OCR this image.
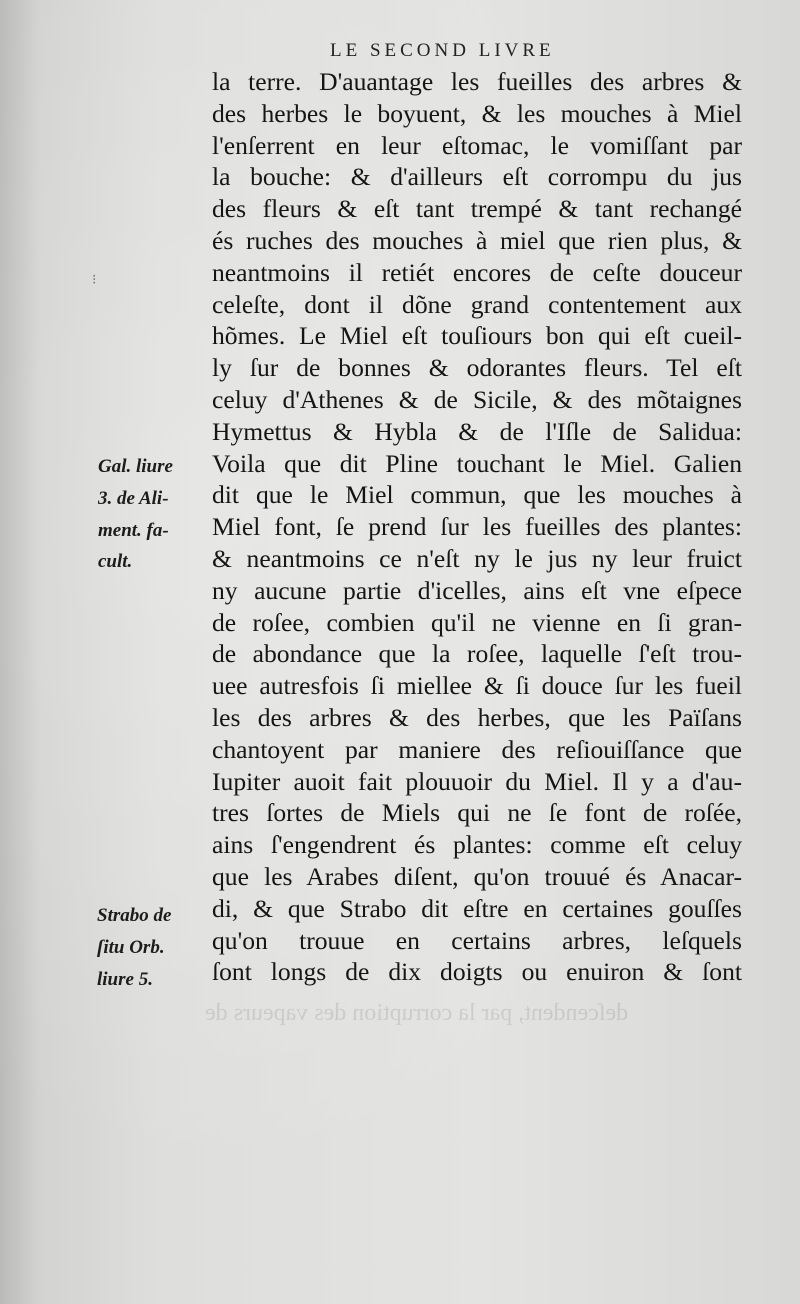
LE SECOND LIVRE
⁝
Gal. liure
3. de Ali-
ment. fa-
cult.
Strabo de
ſitu Orb.
liure 5.
la terre. D'auantage les fueilles des arbres &
des herbes le boyuent, & les mouches à Miel
l'enſerrent en leur eſtomac, le vomiſſant par
la bouche: & d'ailleurs eſt corrompu du jus
des fleurs & eſt tant trempé & tant rechangé
és ruches des mouches à miel que rien plus, &
neantmoins il retiét encores de ceſte douceur
celeſte, dont il dõne grand contentement aux
hõmes. Le Miel eſt touſiours bon qui eſt cueil-
ly ſur de bonnes & odorantes fleurs. Tel eſt
celuy d'Athenes & de Sicile, & des mõtaignes
Hymettus & Hybla & de l'Iſle de Salidua:
Voila que dit Pline touchant le Miel. Galien
dit que le Miel commun, que les mouches à
Miel font, ſe prend ſur les fueilles des plantes:
& neantmoins ce n'eſt ny le jus ny leur fruict
ny aucune partie d'icelles, ains eſt vne eſpece
de roſee, combien qu'il ne vienne en ſi gran-
de abondance que la roſee, laquelle ſ'eſt trou-
uee autresfois ſi miellee & ſi douce ſur les fueil
les des arbres & des herbes, que les Païſans
chantoyent par maniere des reſiouiſſance que
Iupiter auoit fait plouuoir du Miel. Il y a d'au-
tres ſortes de Miels qui ne ſe font de roſée,
ains ſ'engendrent és plantes: comme eſt celuy
que les Arabes diſent, qu'on trouué és Anacar-
di, & que Strabo dit eſtre en certaines gouſſes
qu'on trouue en certains arbres, leſquels
ſont longs de dix doigts ou enuiron & ſont
deſcendent, par la corruption des vapeurs de
